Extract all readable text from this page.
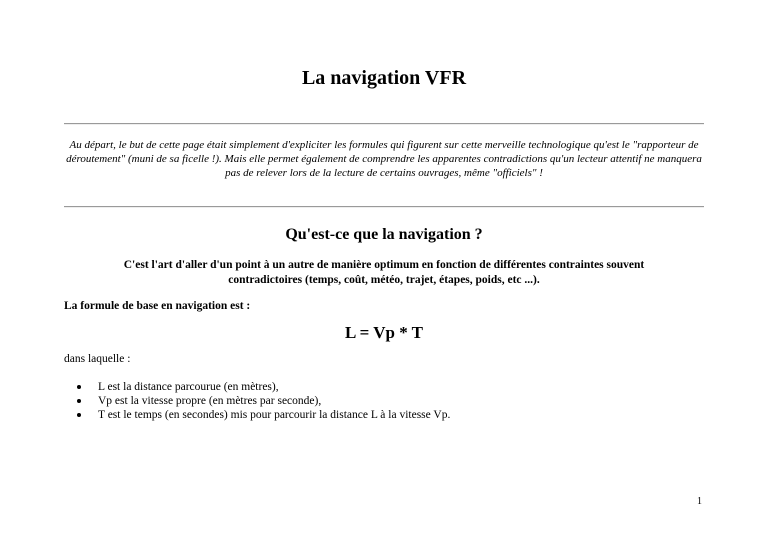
La navigation VFR

Au départ, le but de cette page était simplement d'expliciter les formules qui figurent sur cette merveille technologique qu'est le "rapporteur de déroutement" (muni de sa ficelle !). Mais elle permet également de comprendre les apparentes contradictions qu'un lecteur attentif ne manquera pas de relever lors de la lecture de certains ouvrages, même "officiels" !

Qu'est-ce que la navigation ?

C'est l'art d'aller d'un point à un autre de manière optimum en fonction de différentes contraintes souvent contradictoires (temps, coût, météo, trajet, étapes, poids, etc ...).

La formule de base en navigation est :

L = Vp * T

dans laquelle :

L est la distance parcourue (en mètres),
Vp est la vitesse propre (en mètres par seconde),
T est le temps (en secondes) mis pour parcourir la distance L à la vitesse Vp.

1
